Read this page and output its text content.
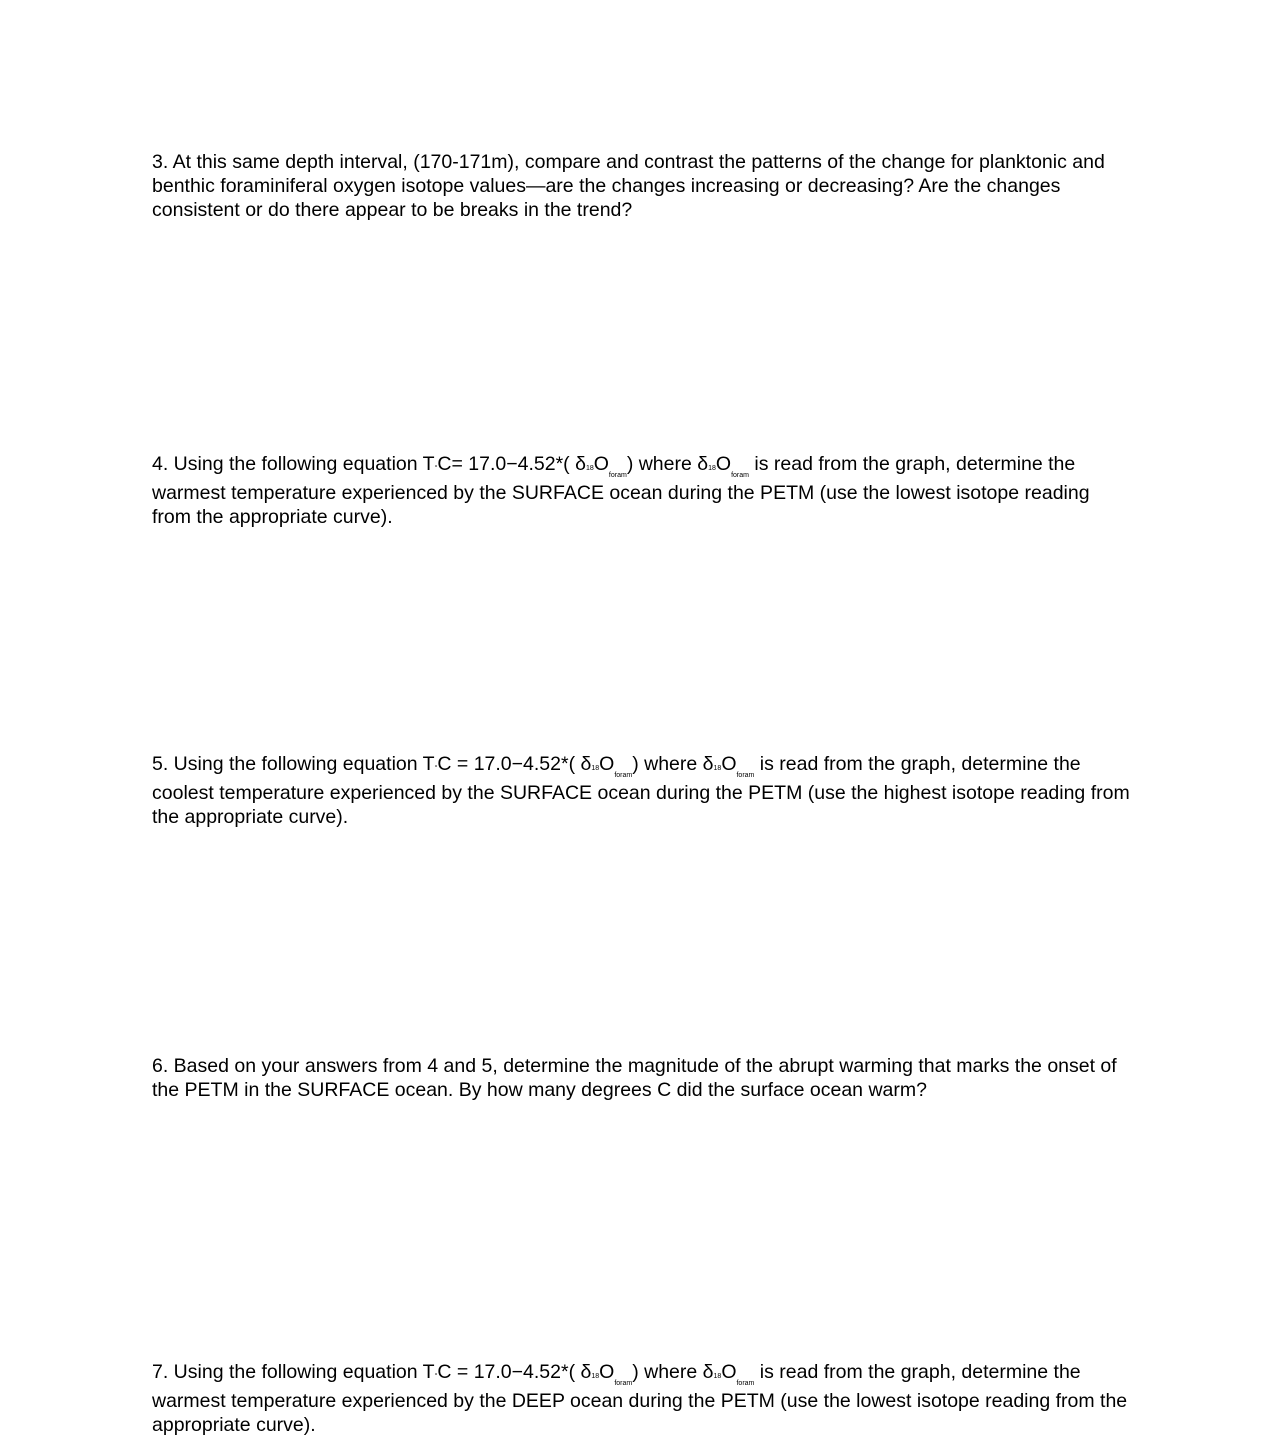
3. At this same depth interval, (170-171m), compare and contrast the patterns of the change for planktonic and benthic foraminiferal oxygen isotope values—are the changes increasing or decreasing? Are the changes consistent or do there appear to be breaks in the trend?

4. Using the following equation T°C= 17.0−4.52*( $\delta 18O_{foram}$) where $\delta 18O_{foram}$ is read from the graph, determine the warmest temperature experienced by the SURFACE ocean during the PETM (use the lowest isotope reading from the appropriate curve).

5. Using the following equation T°C = 17.0−4.52*( $\delta 18O_{foram}$) where $\delta 18O_{foram}$ is read from the graph, determine the coolest temperature experienced by the SURFACE ocean during the PETM (use the highest isotope reading from the appropriate curve).

6. Based on your answers from 4 and 5, determine the magnitude of the abrupt warming that marks the onset of the PETM in the SURFACE ocean. By how many degrees C did the surface ocean warm?

7. Using the following equation T°C = 17.0−4.52*( $\delta 18O_{foram}$) where $\delta 18O_{foram}$ is read from the graph, determine the warmest temperature experienced by the DEEP ocean during the PETM (use the lowest isotope reading from the appropriate curve).
